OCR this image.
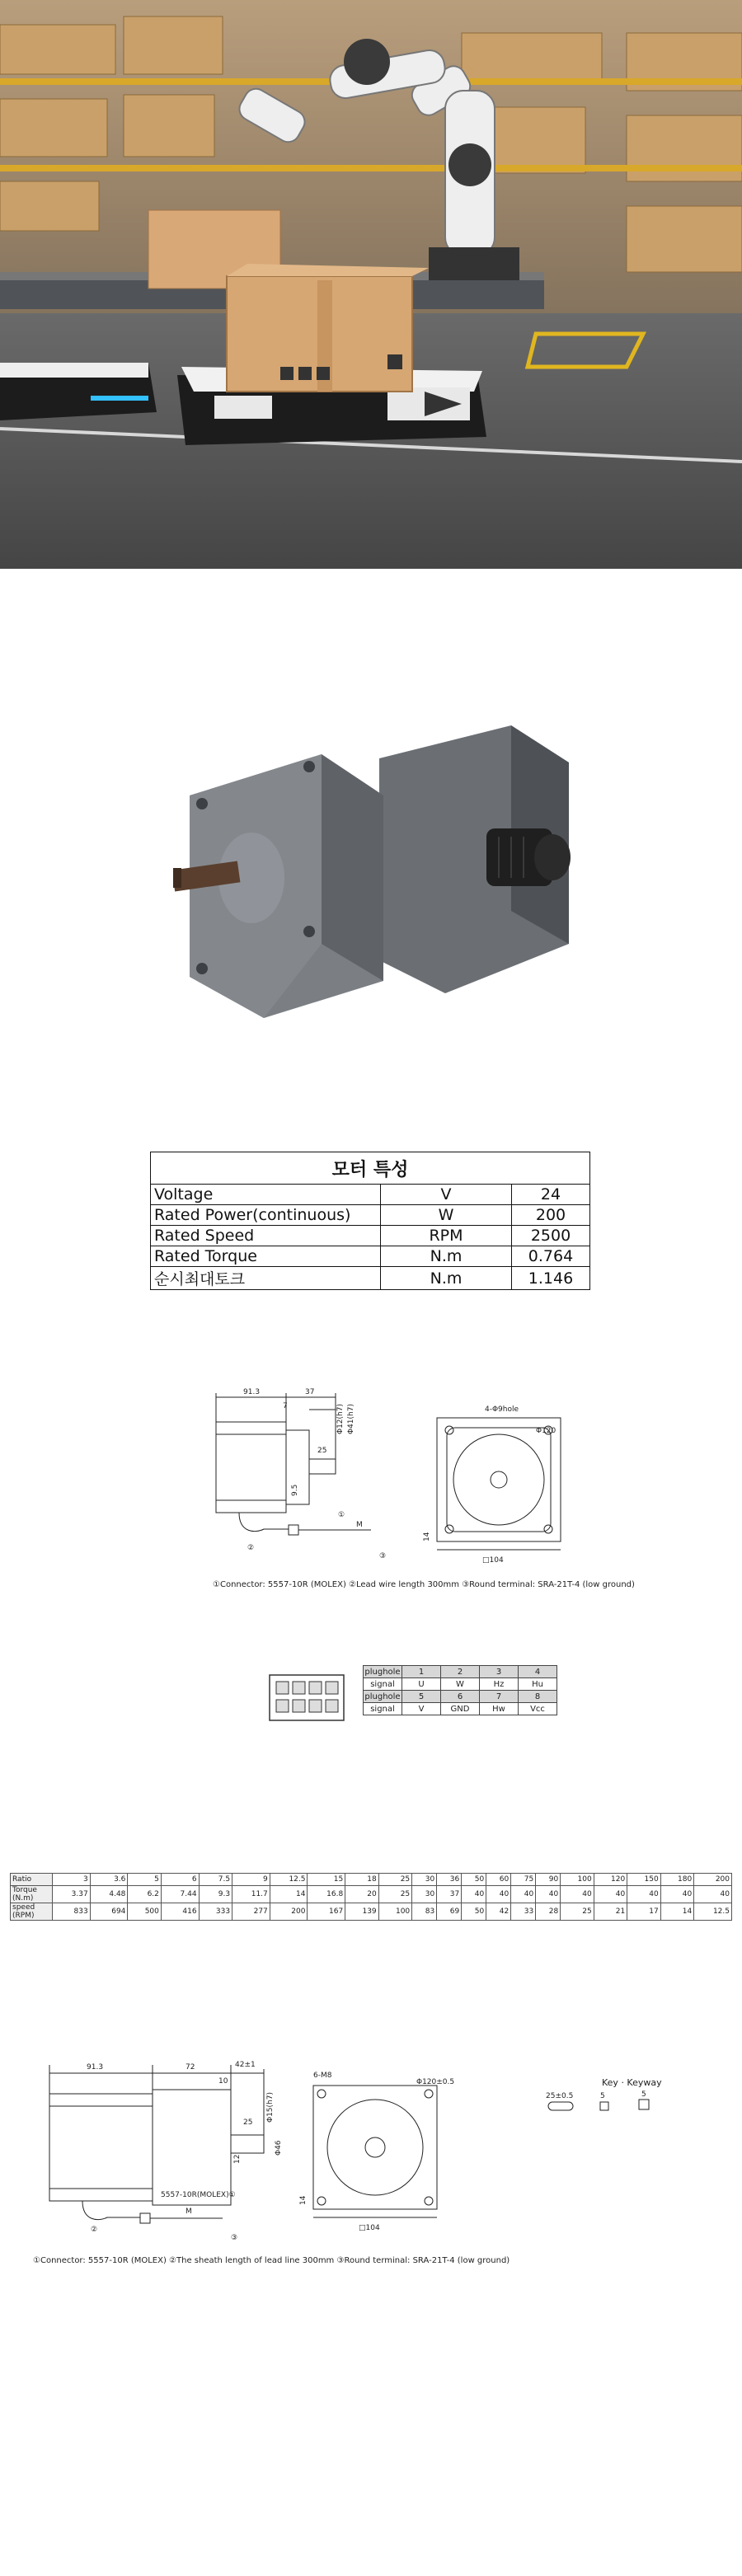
모터 특성		
Voltage	V	24
Rated Power(continuous)	W	200
Rated Speed	RPM	2500
Rated Torque	N.m	0.764
순시최대토크	N.m	1.146
91.3	37
7
25
Φ12(h7) Φ41(h7)
9.5
M
①
②
③
4-Φ9hole
Φ120
□104
14
①Connector: 5557-10R (MOLEX) ②Lead wire length 300mm ③Round terminal: SRA-21T-4 (low ground)
plughole	1	2	3	4
signal	U	W	Hz	Hu
plughole	5	6	7	8
signal	V	GND	Hw	Vcc
Ratio	3	3.6	5	6	7.5	9	12.5	15	18	25	30	36	50	60	75	90	100	120	150	180	200
Torque (N.m)	3.37	4.48	6.2	7.44	9.3	11.7	14	16.8	20	25	30	37	40	40	40	40	40	40	40	40	40
speed (RPM)	833	694	500	416	333	277	200	167	139	100	83	69	50	42	33	28	25	21	17	14	12.5
91.3	72	42±1
10
25 Φ15(h7)
Φ46
12
6-M8
Φ120±0.5
□104
14
M
5557-10R(MOLEX)①
②
③
Key · Keyway
25±0.5	5	5
①Connector: 5557-10R (MOLEX) ②The sheath length of lead line 300mm ③Round terminal: SRA-21T-4 (low ground)
